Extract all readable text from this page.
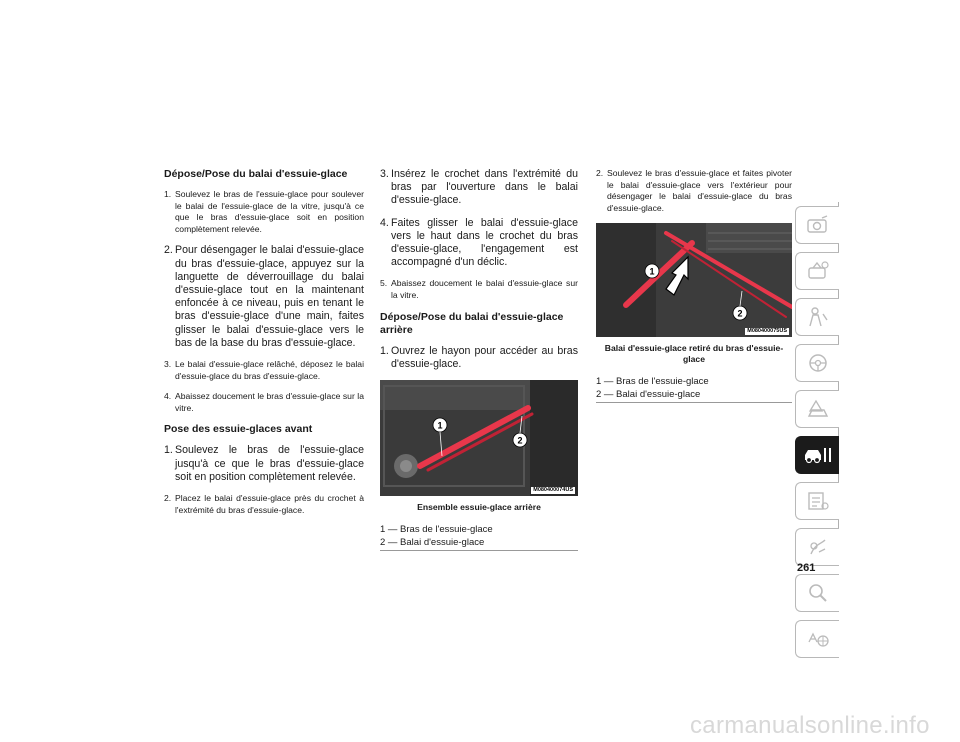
Dépose/Pose du balai d'essuie-glace
1. Soulevez le bras de l'essuie-glace pour soulever le balai de l'essuie-glace de la vitre, jusqu'à ce que le bras d'essuie-glace soit en position complètement relevée.
2. Pour désengager le balai d'essuie-glace du bras d'essuie-glace, appuyez sur la languette de déverrouillage du balai d'essuie-glace tout en la maintenant enfoncée à ce niveau, puis en tenant le bras d'essuie-glace d'une main, faites glisser le balai d'essuie-glace vers le bas de la base du bras d'essuie-glace.
3. Le balai d'essuie-glace relâché, déposez le balai d'essuie-glace du bras d'essuie-glace.
4. Abaissez doucement le bras d'essuie-glace sur la vitre.
Pose des essuie-glaces avant
1. Soulevez le bras de l'essuie-glace jusqu'à ce que le bras d'essuie-glace soit en position complètement relevée.
2. Placez le balai d'essuie-glace près du crochet à l'extrémité du bras d'essuie-glace.
3. Insérez le crochet dans l'extrémité du bras par l'ouverture dans le balai d'essuie-glace.
4. Faites glisser le balai d'essuie-glace vers le haut dans le crochet du bras d'essuie-glace, l'engagement est accompagné d'un déclic.
5. Abaissez doucement le balai d'essuie-glace sur la vitre.
Dépose/Pose du balai d'essuie-glace arrière
1. Ouvrez le hayon pour accéder au bras d'essuie-glace.
1
2
M080400074US
Ensemble essuie-glace arrière
1 — Bras de l'essuie-glace
2 — Balai d'essuie-glace
2. Soulevez le bras d'essuie-glace et faites pivoter le balai d'essuie-glace vers l'extérieur pour désengager le balai d'essuie-glace du bras d'essuie-glace.
1
2
M080400075US
Balai d'essuie-glace retiré du bras d'essuie-glace
1 — Bras de l'essuie-glace
2 — Balai d'essuie-glace
261
carmanualsonline.info
